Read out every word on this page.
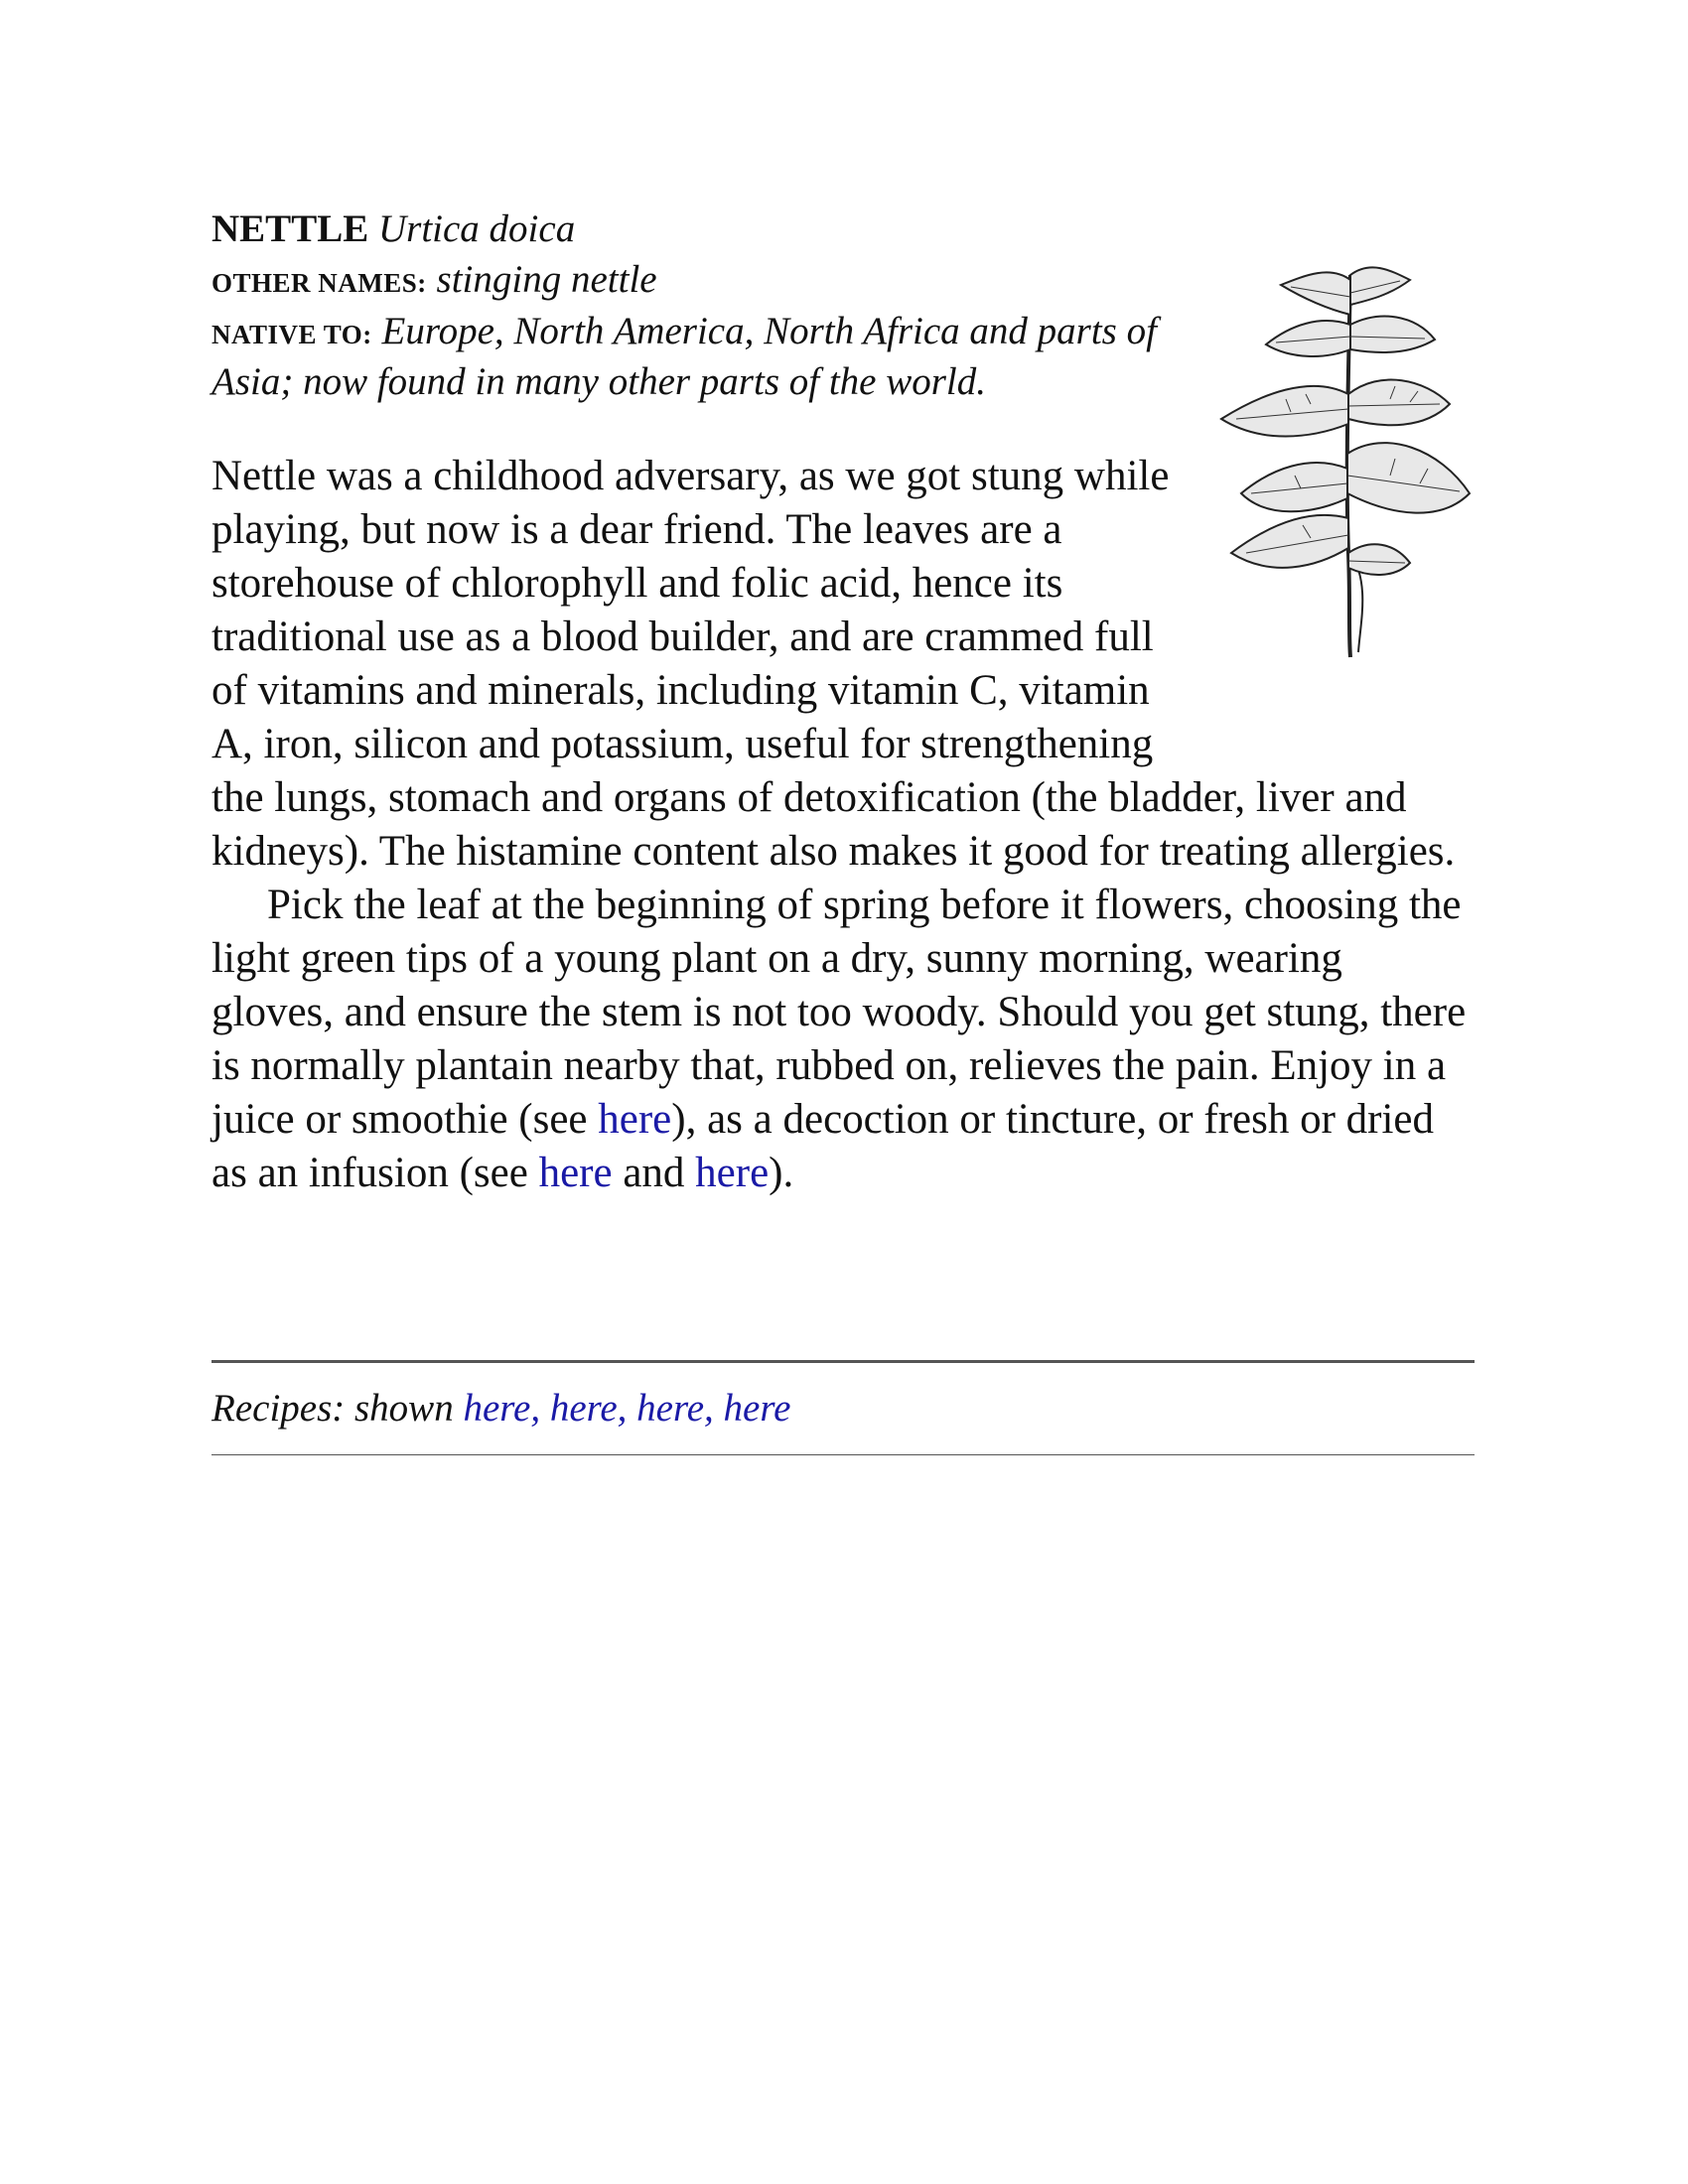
NETTLE Urtica doica

OTHER NAMES: stinging nettle

NATIVE TO: Europe, North America, North Africa and parts of Asia; now found in many other parts of the world.

Nettle was a childhood adversary, as we got stung while playing, but now is a dear friend. The leaves are a storehouse of chlorophyll and folic acid, hence its traditional use as a blood builder, and are crammed full of vitamins and minerals, including vitamin C, vitamin A, iron, silicon and potassium, useful for strengthening the lungs, stomach and organs of detoxification (the bladder, liver and kidneys). The histamine content also makes it good for treating allergies.

Pick the leaf at the beginning of spring before it flowers, choosing the light green tips of a young plant on a dry, sunny morning, wearing gloves, and ensure the stem is not too woody. Should you get stung, there is normally plantain nearby that, rubbed on, relieves the pain. Enjoy in a juice or smoothie (see here), as a decoction or tincture, or fresh or dried as an infusion (see here and here).

Recipes: shown here, here, here, here
